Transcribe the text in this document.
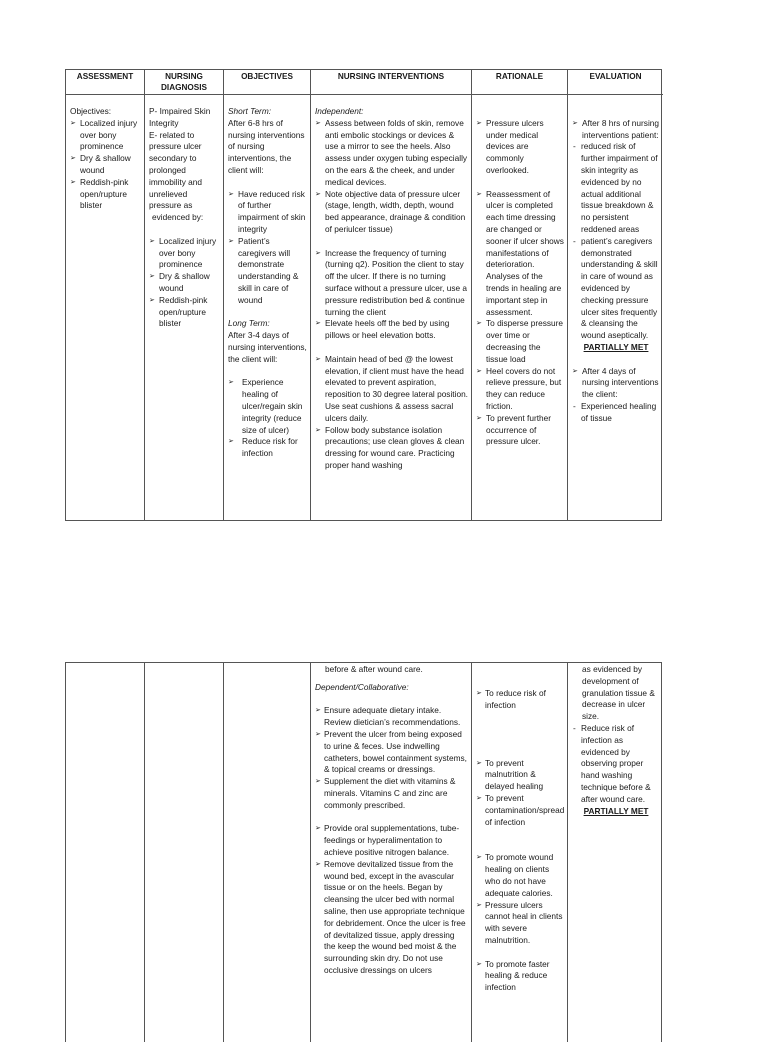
ASSESSMENT
Objectives:
➢ Localized injury over bony prominence
➢ Dry & shallow wound
➢ Reddish-pink open/rupture blister
NURSING DIAGNOSIS
P- Impaired Skin Integrity
E- related to pressure ulcer secondary to prolonged immobility and unrelieved pressure as
evidenced by:
➢ Localized injury over bony prominence
➢ Dry & shallow wound
➢ Reddish-pink open/rupture blister
OBJECTIVES
Short Term:
After 6-8 hrs of nursing interventions of nursing interventions, the client will:
➢ Have reduced risk of further impairment of skin integrity
➢ Patient’s caregivers will demonstrate understanding & skill in care of wound
Long Term:
After 3-4 days of nursing interventions, the client will:
➢ Experience healing of ulcer/regain skin integrity (reduce size of ulcer)
➢ Reduce risk for infection
NURSING INTERVENTIONS
Independent:
➢ Assess between folds of skin, remove anti embolic stockings or devices & use a mirror to see the heels. Also assess under oxygen tubing especially on the ears & the cheek, and under medical devices.
➢ Note objective data of pressure ulcer (stage, length, width, depth, wound bed appearance, drainage & condition of periulcer tissue)
➢ Increase the frequency of turning (turning q2). Position the client to stay off the ulcer. If there is no turning surface without a pressure ulcer, use a pressure redistribution bed & continue turning the client
➢ Elevate heels off the bed by using pillows or heel elevation botts.
➢ Maintain head of bed @ the lowest elevation, if client must have the head elevated to prevent aspiration, reposition to 30 degree lateral position. Use seat cushions & assess sacral ulcers daily.
➢ Follow body substance isolation precautions; use clean gloves & clean dressing for wound care. Practicing proper hand washing
RATIONALE
➢ Pressure ulcers under medical devices are commonly overlooked.
➢ Reassessment of ulcer is completed each time dressing are changed or sooner if ulcer shows manifestations of deterioration. Analyses of the trends in healing are important step in assessment.
➢ To disperse pressure over time or decreasing the tissue load
➢ Heel covers do not relieve pressure, but they can reduce friction.
➢ To prevent further occurrence of pressure ulcer.
EVALUATION
➢ After 8 hrs of nursing interventions patient:
- reduced risk of further impairment of skin integrity as evidenced by no actual additional tissue breakdown & no persistent reddened areas
- patient’s caregivers demonstrated understanding & skill in care of wound as evidenced by checking pressure ulcer sites frequently & cleansing the wound aseptically.
PARTIALLY MET
➢ After 4 days of nursing interventions the client:
- Experienced healing of tissue
before & after wound care.
Dependent/Collaborative:
➢ Ensure adequate dietary intake. Review dietician’s recommendations.
➢ Prevent the ulcer from being exposed to urine & feces. Use indwelling catheters, bowel containment systems, & topical creams or dressings.
➢ Supplement the diet with vitamins & minerals. Vitamins C and zinc are commonly prescribed.
➢ Provide oral supplementations, tube-feedings or hyperalimentation to achieve positive nitrogen balance.
➢ Remove devitalized tissue from the wound bed, except in the avascular tissue or on the heels. Began by cleansing the ulcer bed with normal saline, then use appropriate technique for debridement. Once the ulcer is free of devitalized tissue, apply dressing the keep the wound bed moist & the surrounding skin dry. Do not use occlusive dressings on ulcers
➢ To reduce risk of infection
➢ To prevent malnutrition & delayed healing
➢ To prevent contamination/spread of infection
➢ To promote wound healing on clients who do not have adequate calories.
➢ Pressure ulcers cannot heal in clients with severe malnutrition.
➢ To promote faster healing & reduce infection
as evidenced by development of granulation tissue & decrease in ulcer size.
- Reduce risk of infection as evidenced by observing proper hand washing technique before & after wound care.
PARTIALLY MET
